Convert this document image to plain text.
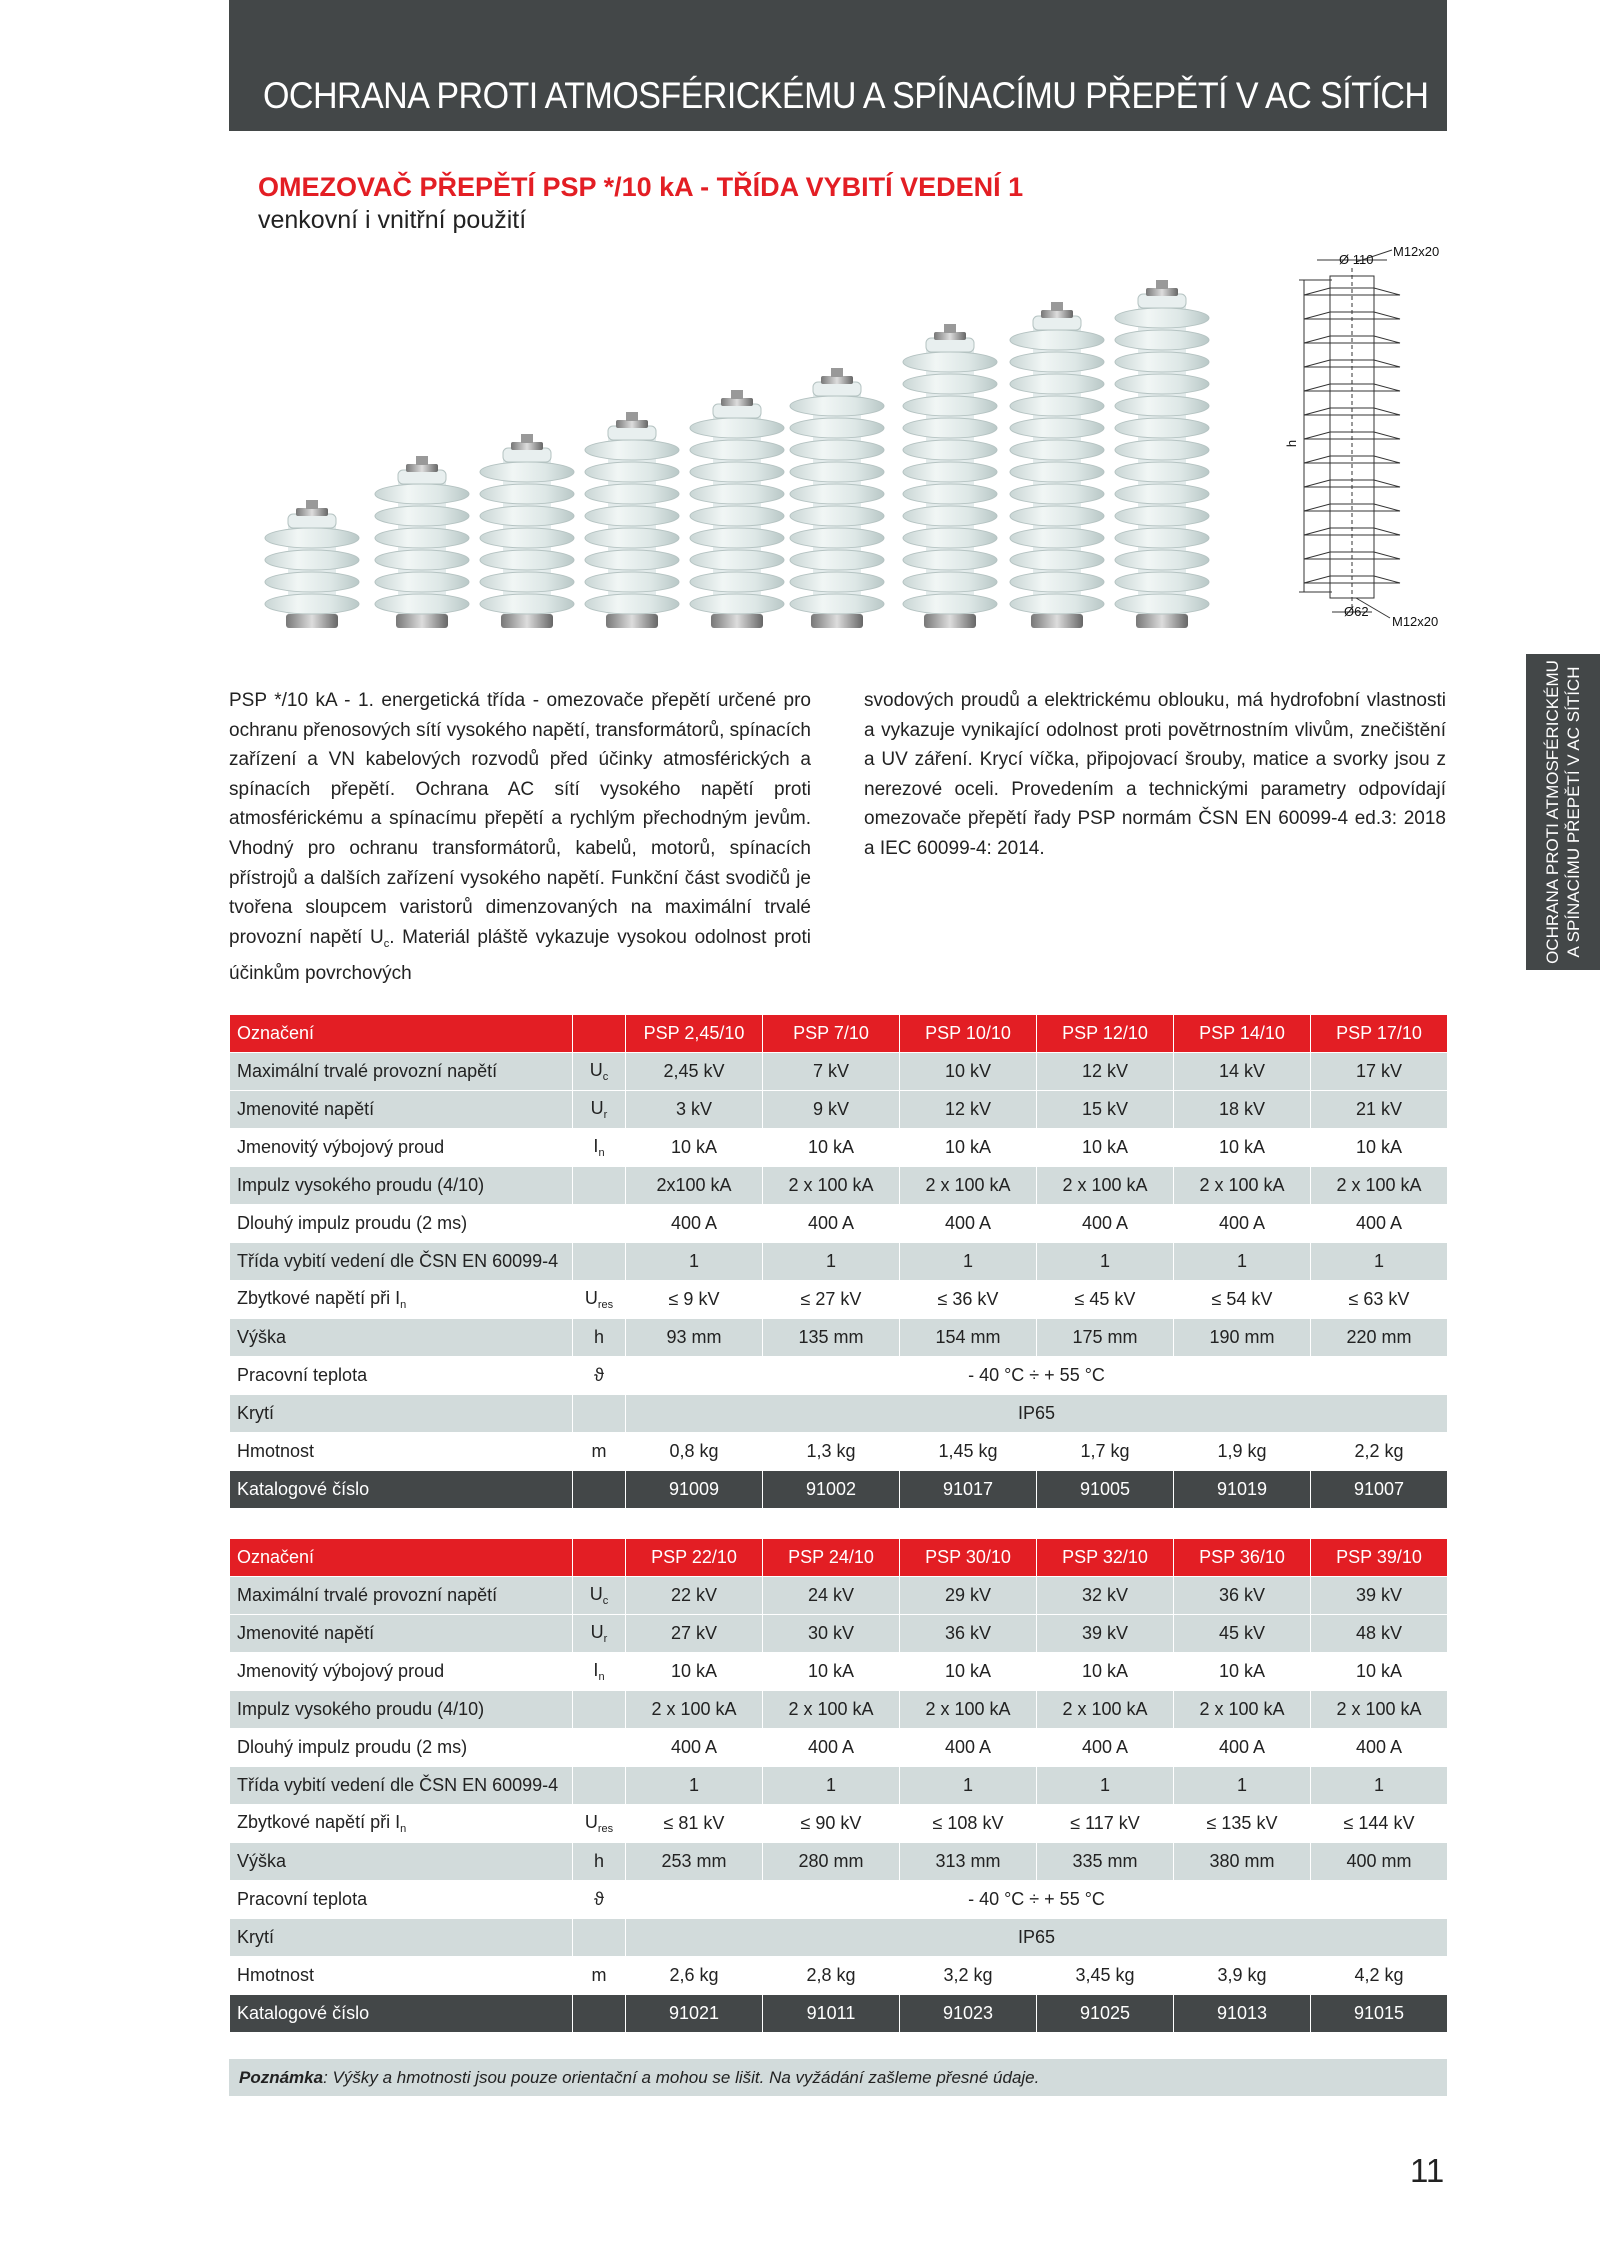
OCHRANA PROTI ATMOSFÉRICKÉMU A SPÍNACÍMU PŘEPĚTÍ V AC SÍTÍCH
OMEZOVAČ PŘEPĚTÍ PSP */10 kA - TŘÍDA VYBITÍ VEDENÍ 1
venkovní i vnitřní použití
Ø 110
M12x20
h
Ø62
M12x20
PSP */10 kA - 1. energetická třída - omezovače přepětí určené pro ochranu přenosových sítí vysokého napětí, transformátorů, spínacích zařízení a VN kabelových rozvodů před účinky atmosférických a spínacích přepětí. Ochrana AC sítí vysokého napětí proti atmosférickému a spínacímu přepětí a rychlým přechodným jevům. Vhodný pro ochranu transformátorů, kabelů, motorů, spínacích přístrojů a dalších zařízení vysokého napětí. Funkční část svodičů je tvořena sloupcem varistorů dimenzovaných na maximální trvalé provozní napětí $U_c$. Materiál pláště vykazuje vysokou odolnost proti účinkům povrchových
svodových proudů a elektrickému oblouku, má hydrofobní vlastnosti a vykazuje vynikající odolnost proti povětrnostním vlivům, znečištění a UV záření. Krycí víčka, připojovací šrouby, matice a svorky jsou z nerezové oceli. Provedením a technickými parametry odpovídají omezovače přepětí řady PSP normám ČSN EN 60099-4 ed.3: 2018 a IEC 60099-4: 2014.	OCHRANA PROTI ATMOSFÉRICKÉMU A SPÍNACÍMU PŘEPĚTÍ V AC SÍTÍCH
Označení		PSP 2,45/10	PSP 7/10	PSP 10/10	PSP 12/10	PSP 14/10	PSP 17/10
Maximální trvalé provozní napětí	$U_c$	2,45 kV	7 kV	10 kV	12 kV	14 kV	17 kV
Jmenovité napětí	$U_r$	3 kV	9 kV	12 kV	15 kV	18 kV	21 kV
Jmenovitý výbojový proud	$I_n$	10 kA	10 kA	10 kA	10 kA	10 kA	10 kA
Impulz vysokého proudu (4/10)		2x100 kA	2 x 100 kA	2 x 100 kA	2 x 100 kA	2 x 100 kA	2 x 100 kA
Dlouhý impulz proudu (2 ms)		400 A	400 A	400 A	400 A	400 A	400 A
Třída vybití vedení dle ČSN EN 60099-4		1	1	1	1	1	1
Zbytkové napětí při $I_n$	$U_{res}$	≤ 9 kV	≤ 27 kV	≤ 36 kV	≤ 45 kV	≤ 54 kV	≤ 63 kV
Výška	h	93 mm	135 mm	154 mm	175 mm	190 mm	220 mm
Pracovní teplota	ϑ	- 40 °C ÷ + 55 °C					
Krytí		IP65					
Hmotnost	m	0,8 kg	1,3 kg	1,45 kg	1,7 kg	1,9 kg	2,2 kg
Katalogové číslo		91009	91002	91017	91005	91019	91007
Označení		PSP 22/10	PSP 24/10	PSP 30/10	PSP 32/10	PSP 36/10	PSP 39/10
Maximální trvalé provozní napětí	$U_c$	22 kV	24 kV	29 kV	32 kV	36 kV	39 kV
Jmenovité napětí	$U_r$	27 kV	30 kV	36 kV	39 kV	45 kV	48 kV
Jmenovitý výbojový proud	$I_n$	10 kA	10 kA	10 kA	10 kA	10 kA	10 kA
Impulz vysokého proudu (4/10)		2 x 100 kA	2 x 100 kA	2 x 100 kA	2 x 100 kA	2 x 100 kA	2 x 100 kA
Dlouhý impulz proudu (2 ms)		400 A	400 A	400 A	400 A	400 A	400 A
Třída vybití vedení dle ČSN EN 60099-4		1	1	1	1	1	1
Zbytkové napětí při $I_n$	$U_{res}$	≤ 81 kV	≤ 90 kV	≤ 108 kV	≤ 117 kV	≤ 135 kV	≤ 144 kV
Výška	h	253 mm	280 mm	313 mm	335 mm	380 mm	400 mm
Pracovní teplota	ϑ	- 40 °C ÷ + 55 °C					
Krytí		IP65					
Hmotnost	m	2,6 kg	2,8 kg	3,2 kg	3,45 kg	3,9 kg	4,2 kg
Katalogové číslo		91021	91011	91023	91025	91013	91015
Poznámka : Výšky a hmotnosti jsou pouze orientační a mohou se lišit. Na vyžádání zašleme přesné údaje.
11
